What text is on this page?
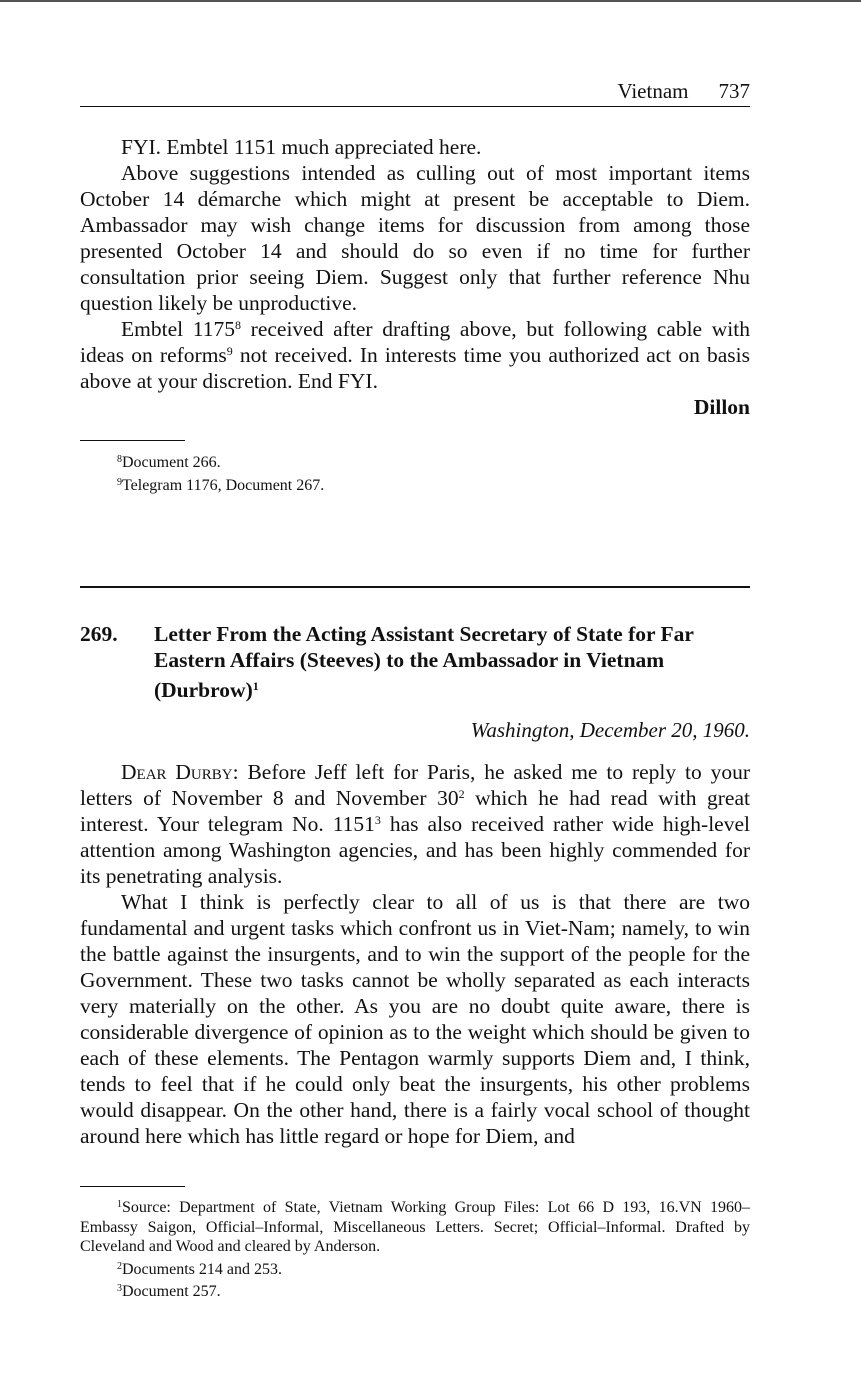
Vietnam 737

FYI. Embtel 1151 much appreciated here.

Above suggestions intended as culling out of most important items October 14 démarche which might at present be acceptable to Diem. Ambassador may wish change items for discussion from among those presented October 14 and should do so even if no time for further consultation prior seeing Diem. Suggest only that further reference Nhu question likely be unproductive.

Embtel 1175$^8$ received after drafting above, but following cable with ideas on reforms$^9$ not received. In interests time you authorized act on basis above at your discretion. End FYI.

Dillon

$^8$Document 266.

$^9$Telegram 1176, Document 267.

269. Letter From the Acting Assistant Secretary of State for Far Eastern Affairs (Steeves) to the Ambassador in Vietnam (Durbrow)$^1$
Washington, December 20, 1960.

Dear Durby: Before Jeff left for Paris, he asked me to reply to your letters of November 8 and November 30$^2$ which he had read with great interest. Your telegram No. 1151$^3$ has also received rather wide high-level attention among Washington agencies, and has been highly commended for its penetrating analysis.

What I think is perfectly clear to all of us is that there are two fundamental and urgent tasks which confront us in Viet-Nam; namely, to win the battle against the insurgents, and to win the support of the people for the Government. These two tasks cannot be wholly separated as each interacts very materially on the other. As you are no doubt quite aware, there is considerable divergence of opinion as to the weight which should be given to each of these elements. The Pentagon warmly supports Diem and, I think, tends to feel that if he could only beat the insurgents, his other problems would disappear. On the other hand, there is a fairly vocal school of thought around here which has little regard or hope for Diem, and

$^1$Source: Department of State, Vietnam Working Group Files: Lot 66 D 193, 16.VN 1960–Embassy Saigon, Official–Informal, Miscellaneous Letters. Secret; Official–Informal. Drafted by Cleveland and Wood and cleared by Anderson.

$^2$Documents 214 and 253.

$^3$Document 257.
